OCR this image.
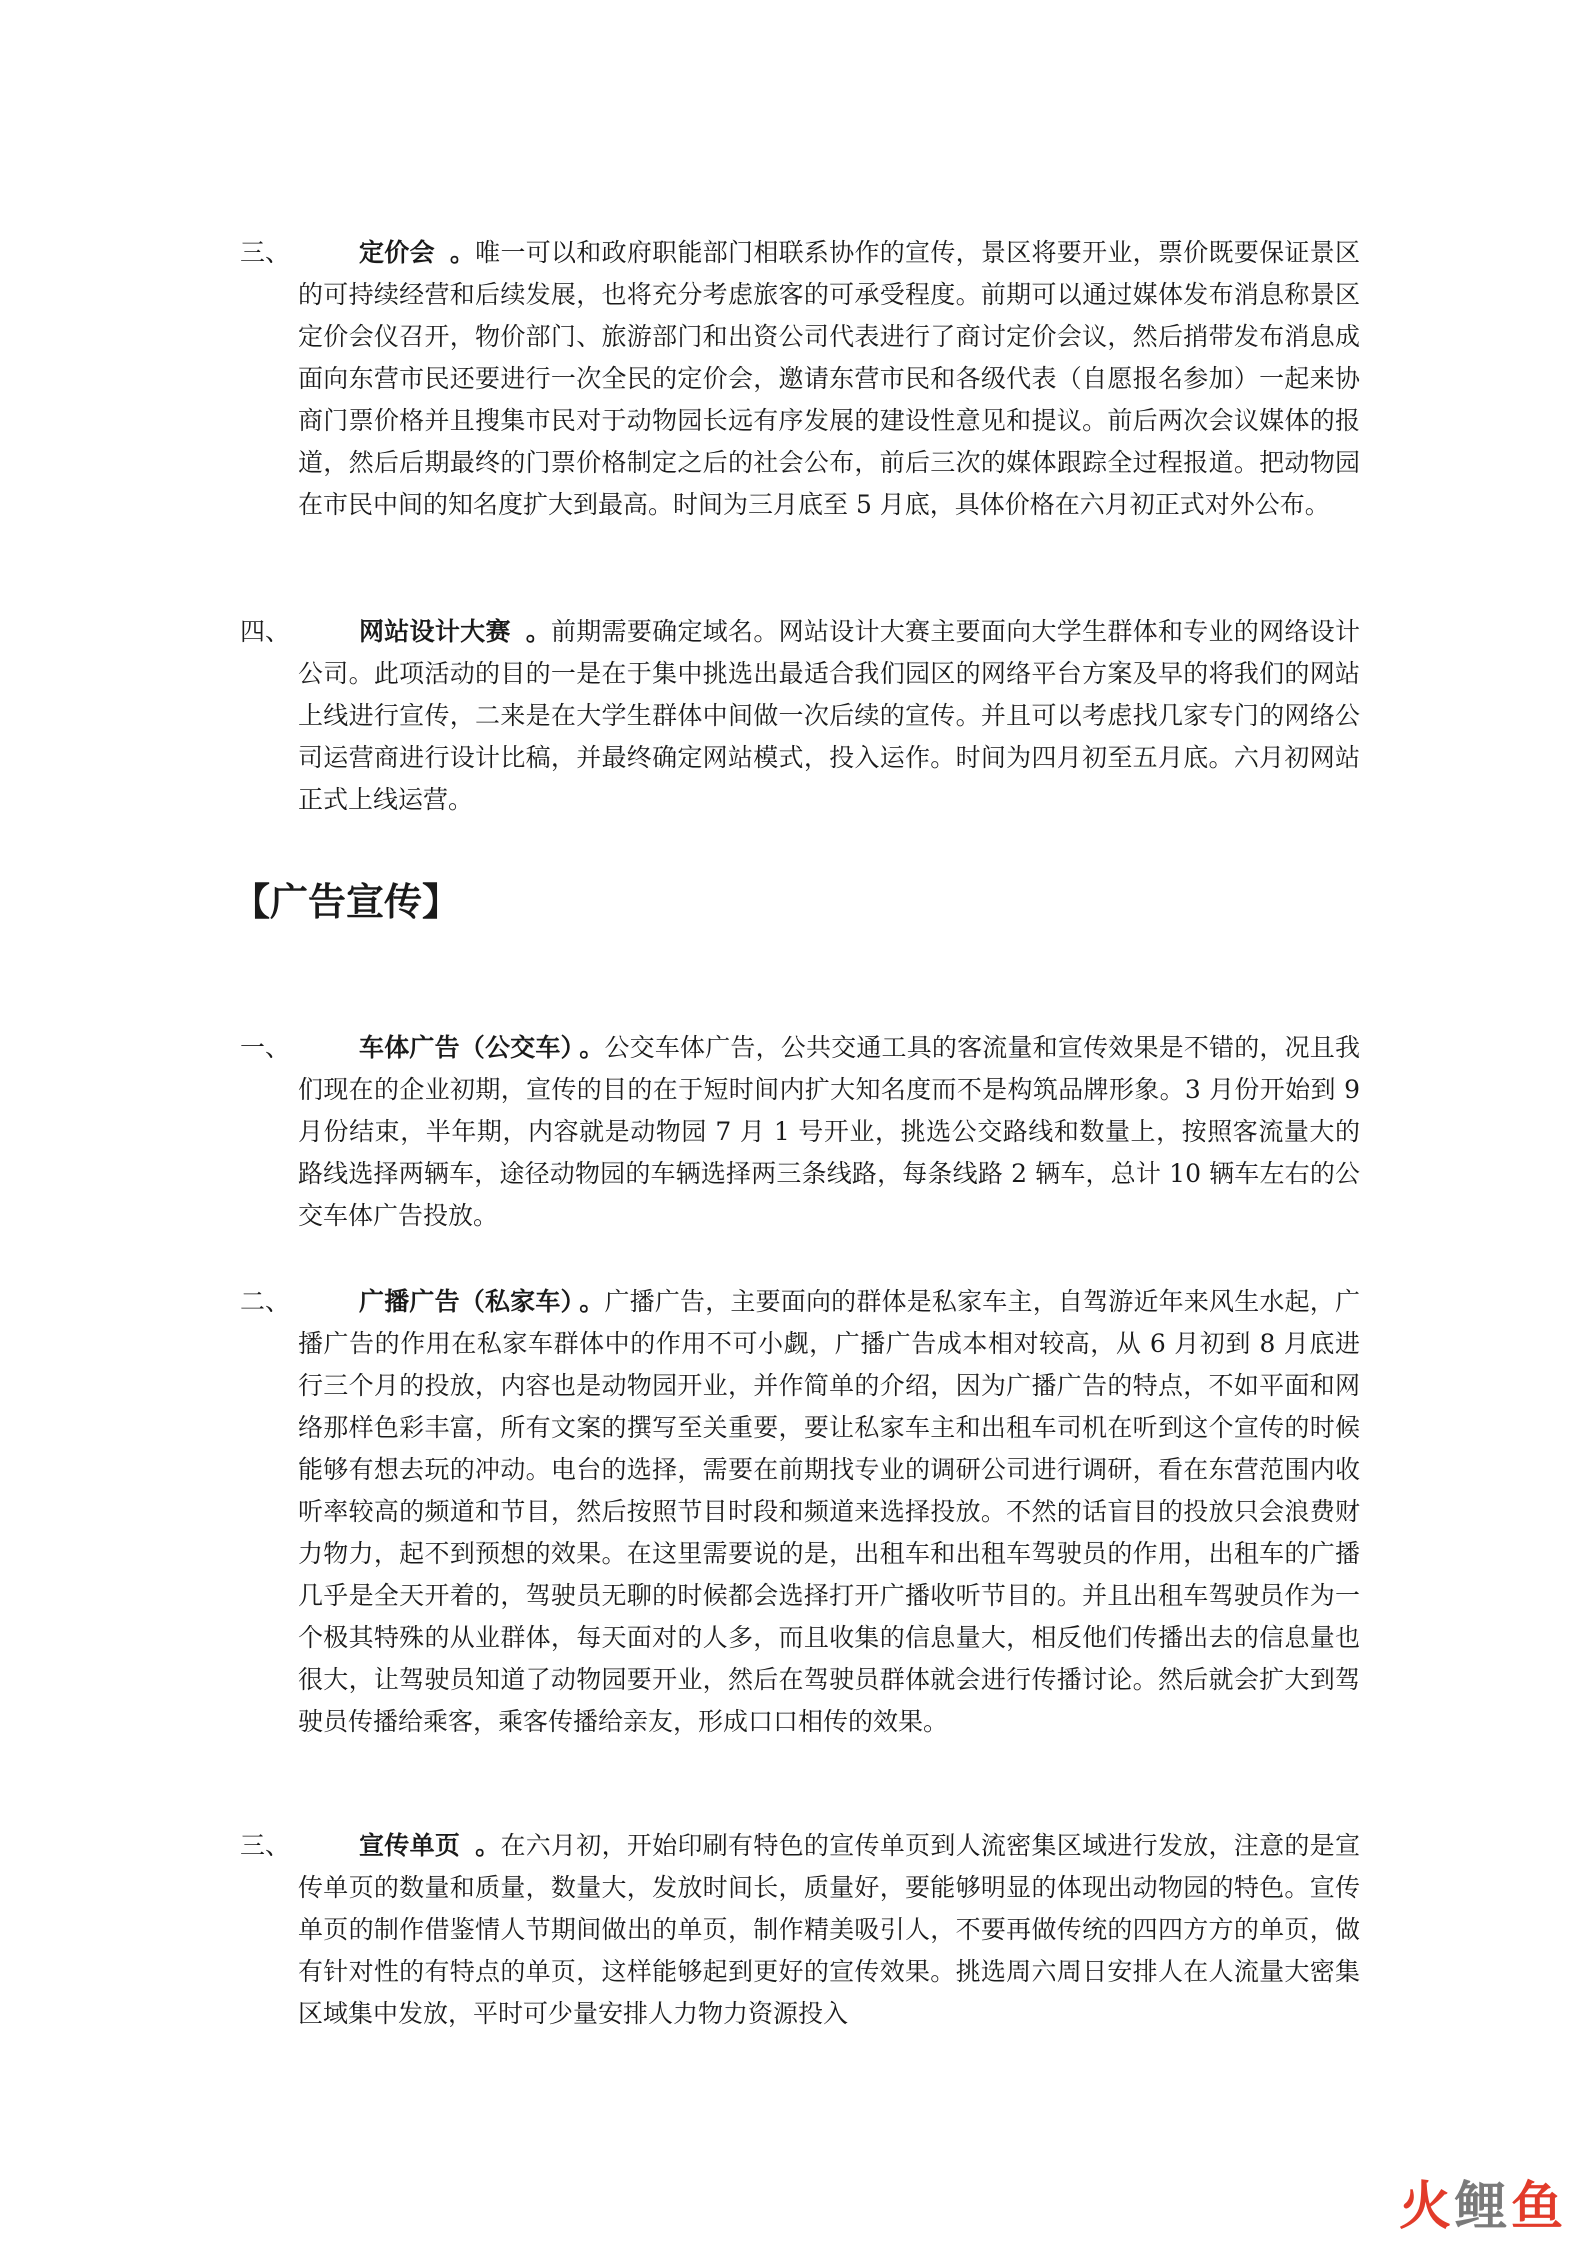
三、	定价会 。唯一可以和政府职能部门相联系协作的宣传，景区将要开业，票价既要保证景区的可持续经营和后续发展，也将充分考虑旅客的可承受程度。前期可以通过媒体发布消息称景区定价会仪召开，物价部门、旅游部门和出资公司代表进行了商讨定价会议，然后捎带发布消息成面向东营市民还要进行一次全民的定价会，邀请东营市民和各级代表（自愿报名参加）一起来协商门票价格并且搜集市民对于动物园长远有序发展的建设性意见和提议。前后两次会议媒体的报道，然后后期最终的门票价格制定之后的社会公布，前后三次的媒体跟踪全过程报道。把动物园在市民中间的知名度扩大到最高。时间为三月底至 5 月底，具体价格在六月初正式对外公布。
四、	网站设计大赛 。前期需要确定域名。网站设计大赛主要面向大学生群体和专业的网络设计公司。此项活动的目的一是在于集中挑选出最适合我们园区的网络平台方案及早的将我们的网站上线进行宣传，二来是在大学生群体中间做一次后续的宣传。并且可以考虑找几家专门的网络公司运营商进行设计比稿，并最终确定网站模式，投入运作。时间为四月初至五月底。六月初网站正式上线运营。
【广告宣传】
一、	车体广告（公交车） 。公交车体广告，公共交通工具的客流量和宣传效果是不错的，况且我们现在的企业初期，宣传的目的在于短时间内扩大知名度而不是构筑品牌形象。3 月份开始到 9 月份结束，半年期，内容就是动物园 7 月 1 号开业，挑选公交路线和数量上，按照客流量大的路线选择两辆车，途径动物园的车辆选择两三条线路，每条线路 2 辆车，总计 10 辆车左右的公交车体广告投放。
二、	广播广告（私家车） 。广播广告，主要面向的群体是私家车主，自驾游近年来风生水起，广播广告的作用在私家车群体中的作用不可小觑，广播广告成本相对较高，从 6 月初到 8 月底进行三个月的投放，内容也是动物园开业，并作简单的介绍，因为广播广告的特点，不如平面和网络那样色彩丰富，所有文案的撰写至关重要，要让私家车主和出租车司机在听到这个宣传的时候能够有想去玩的冲动。电台的选择，需要在前期找专业的调研公司进行调研，看在东营范围内收听率较高的频道和节目，然后按照节目时段和频道来选择投放。不然的话盲目的投放只会浪费财力物力，起不到预想的效果。在这里需要说的是，出租车和出租车驾驶员的作用，出租车的广播几乎是全天开着的，驾驶员无聊的时候都会选择打开广播收听节目的。并且出租车驾驶员作为一个极其特殊的从业群体，每天面对的人多，而且收集的信息量大，相反他们传播出去的信息量也很大，让驾驶员知道了动物园要开业，然后在驾驶员群体就会进行传播讨论。然后就会扩大到驾驶员传播给乘客，乘客传播给亲友，形成口口相传的效果。
三、	宣传单页 。在六月初，开始印刷有特色的宣传单页到人流密集区域进行发放，注意的是宣传单页的数量和质量，数量大，发放时间长，质量好，要能够明显的体现出动物园的特色。宣传单页的制作借鉴情人节期间做出的单页，制作精美吸引人，不要再做传统的四四方方的单页，做有针对性的有特点的单页，这样能够起到更好的宣传效果。挑选周六周日安排人在人流量大密集区域集中发放，平时可少量安排人力物力资源投入
火 鲤 鱼
